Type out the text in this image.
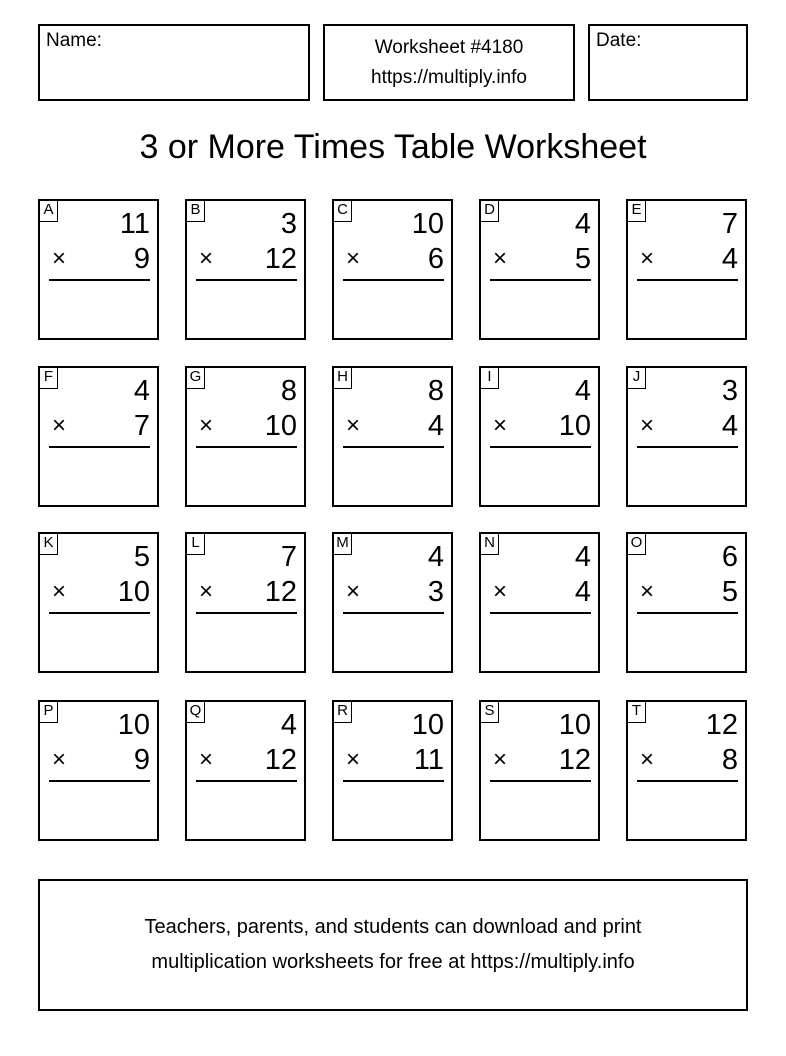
Name:	Worksheet #4180
https://multiply.info
Date:
3 or More Times Table Worksheet
A 11
× 9
B	3
× 12
C 10
× 6
D	4
× 5
E	7
× 4
F	4
× 7
G	8
× 10
H	8
× 4
I	4
× 10
J	3
× 4
K	5
× 10
L	7
× 12
M	4
× 3
N	4
× 4
O	6
× 5
P 10
× 9
Q	4
× 12
R 10
× 11
S 10
× 12
T 12
× 8
Teachers, parents, and students can download and print
multiplication worksheets for free at https://multiply.info
